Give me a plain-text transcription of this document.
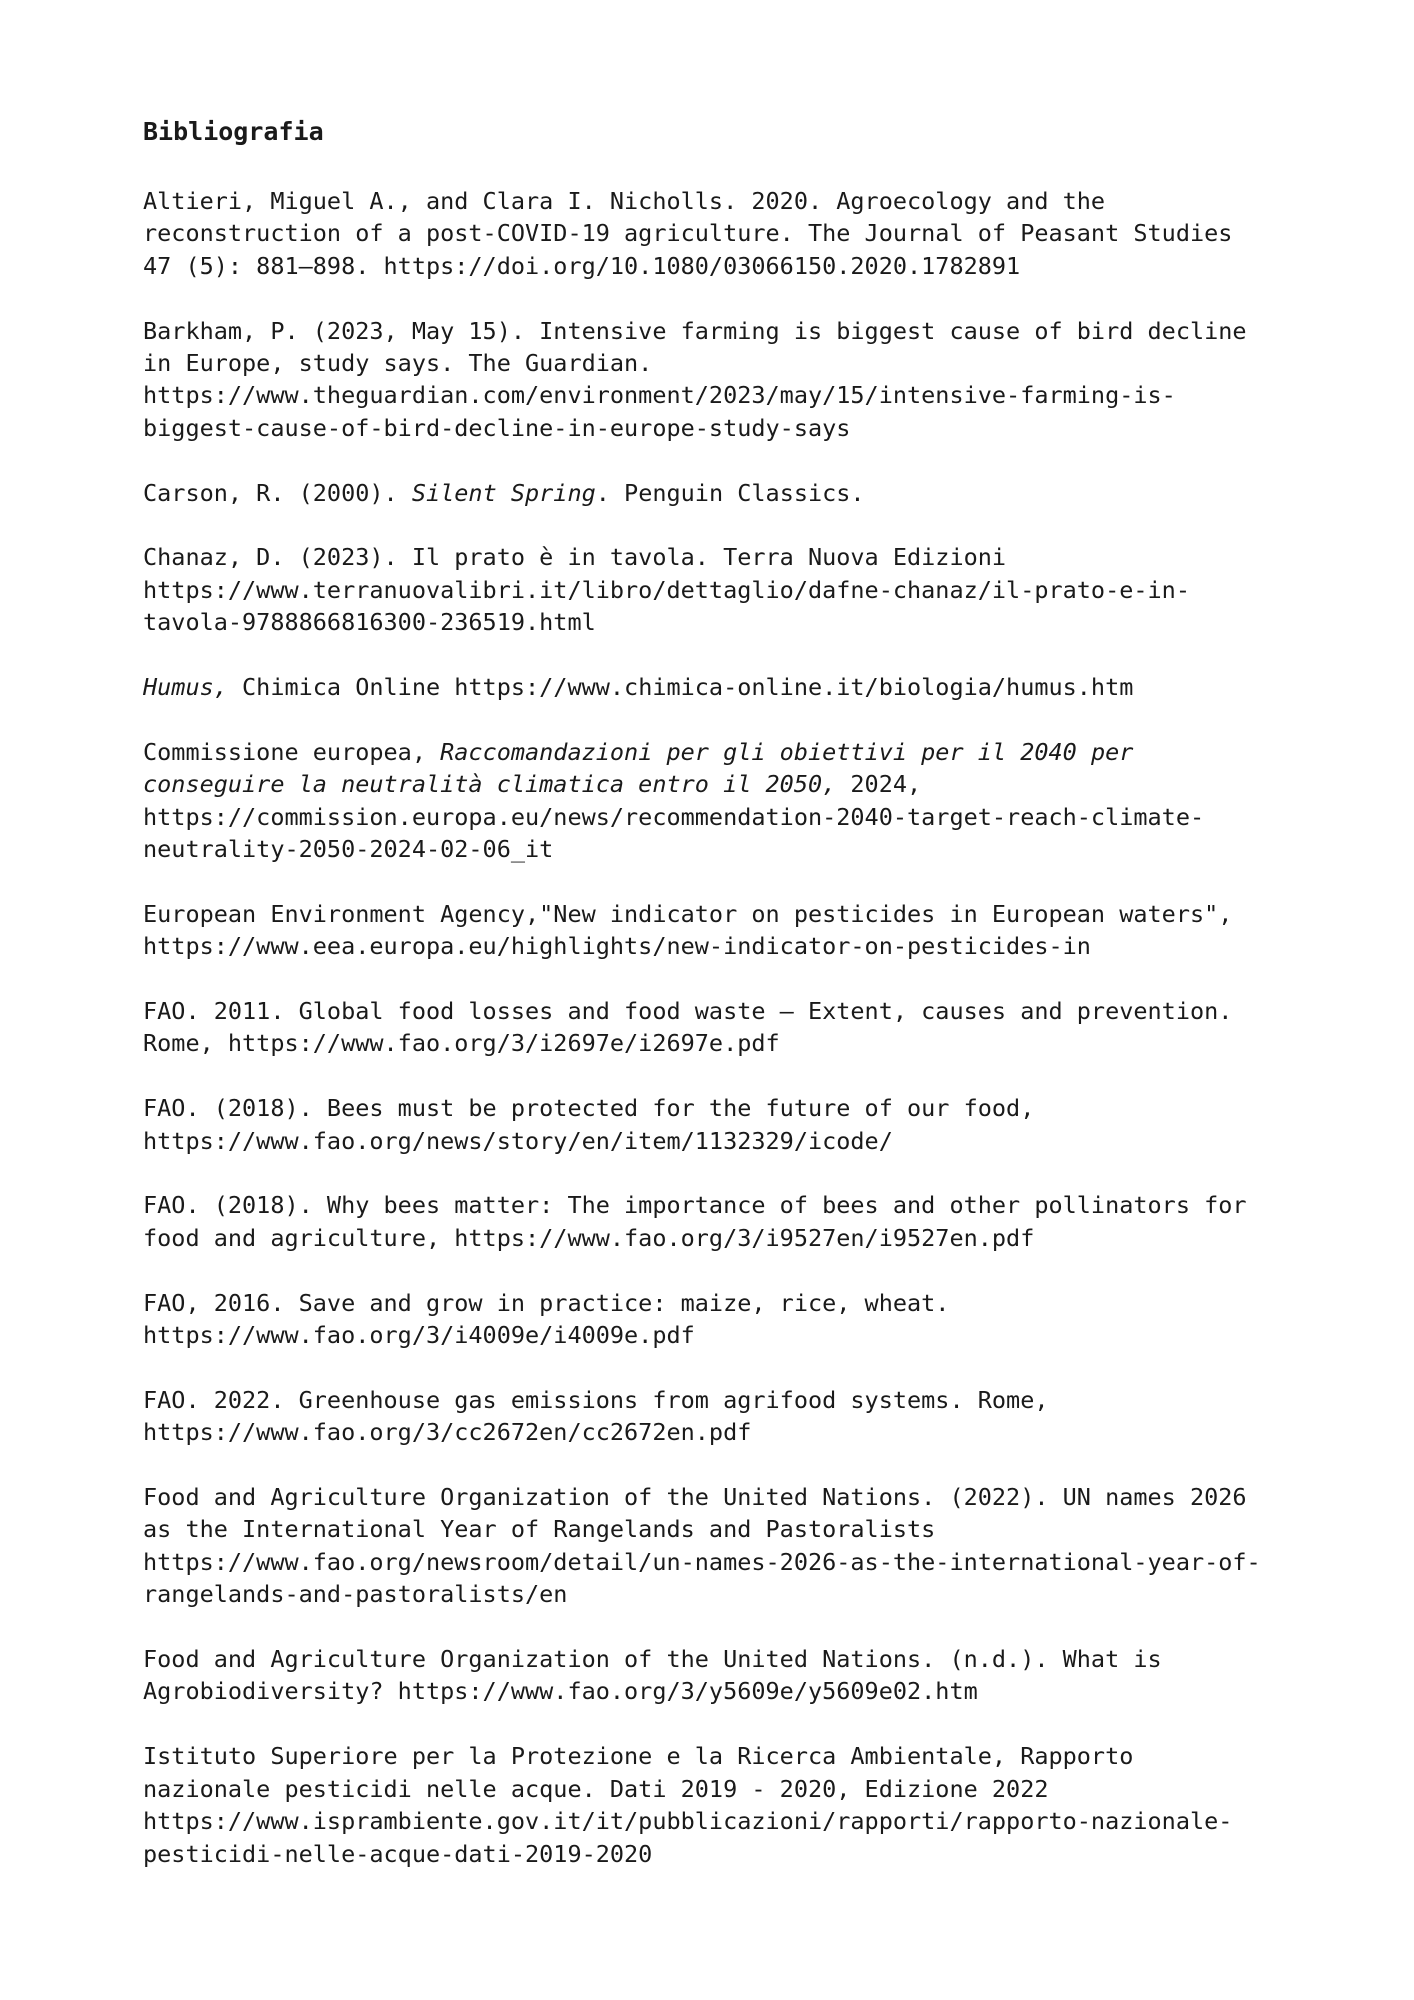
Bibliografia
Altieri, Miguel A., and Clara I. Nicholls. 2020. Agroecology and the
reconstruction of a post-COVID-19 agriculture. The Journal of Peasant Studies
47 (5): 881–898. https://doi.org/10.1080/03066150.2020.1782891
Barkham, P. (2023, May 15). Intensive farming is biggest cause of bird decline
in Europe, study says. The Guardian.
https://www.theguardian.com/environment/2023/may/15/intensive-farming-is-
biggest-cause-of-bird-decline-in-europe-study-says
Carson, R. (2000). Silent Spring. Penguin Classics.
Chanaz, D. (2023). Il prato è in tavola. Terra Nuova Edizioni
https://www.terranuovalibri.it/libro/dettaglio/dafne-chanaz/il-prato-e-in-
tavola-9788866816300-236519.html
Humus, Chimica Online https://www.chimica-online.it/biologia/humus.htm
Commissione europea, Raccomandazioni per gli obiettivi per il 2040 per
conseguire la neutralità climatica entro il 2050, 2024,
https://commission.europa.eu/news/recommendation-2040-target-reach-climate-
neutrality-2050-2024-02-06_it
European Environment Agency,"New indicator on pesticides in European waters",
https://www.eea.europa.eu/highlights/new-indicator-on-pesticides-in
FAO. 2011. Global food losses and food waste – Extent, causes and prevention.
Rome, https://www.fao.org/3/i2697e/i2697e.pdf
FAO. (2018). Bees must be protected for the future of our food,
https://www.fao.org/news/story/en/item/1132329/icode/
FAO. (2018). Why bees matter: The importance of bees and other pollinators for
food and agriculture, https://www.fao.org/3/i9527en/i9527en.pdf
FAO, 2016. Save and grow in practice: maize, rice, wheat.
https://www.fao.org/3/i4009e/i4009e.pdf
FAO. 2022. Greenhouse gas emissions from agrifood systems. Rome,
https://www.fao.org/3/cc2672en/cc2672en.pdf
Food and Agriculture Organization of the United Nations. (2022). UN names 2026
as the International Year of Rangelands and Pastoralists
https://www.fao.org/newsroom/detail/un-names-2026-as-the-international-year-of-
rangelands-and-pastoralists/en
Food and Agriculture Organization of the United Nations. (n.d.). What is
Agrobiodiversity? https://www.fao.org/3/y5609e/y5609e02.htm
Istituto Superiore per la Protezione e la Ricerca Ambientale, Rapporto
nazionale pesticidi nelle acque. Dati 2019 - 2020, Edizione 2022
https://www.isprambiente.gov.it/it/pubblicazioni/rapporti/rapporto-nazionale-
pesticidi-nelle-acque-dati-2019-2020
